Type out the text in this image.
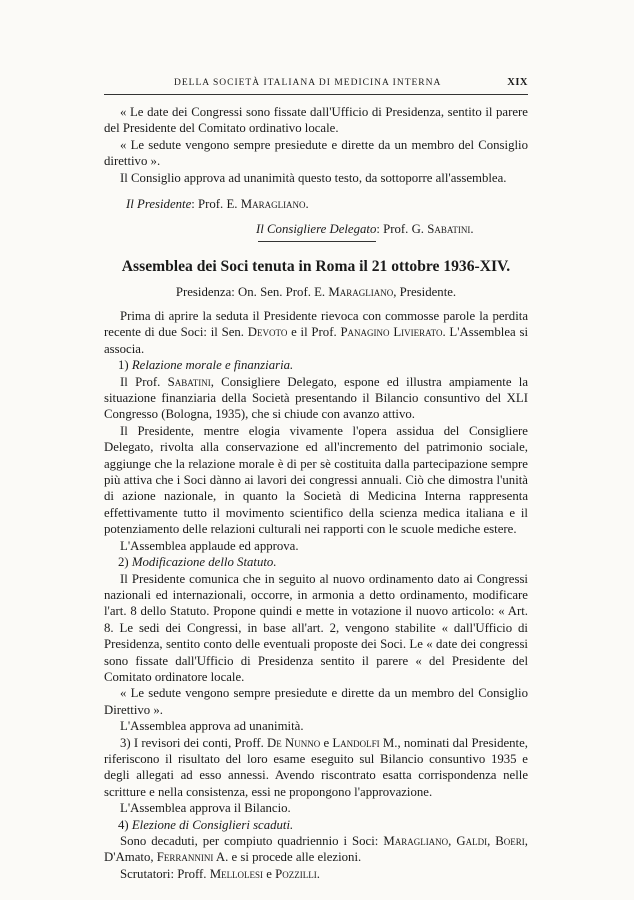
DELLA SOCIETÀ ITALIANA DI MEDICINA INTERNA	XIX

« Le date dei Congressi sono fissate dall'Ufficio di Presidenza, sentito il parere del Presidente del Comitato ordinativo locale.

« Le sedute vengono sempre presiedute e dirette da un membro del Consiglio direttivo ».

Il Consiglio approva ad unanimità questo testo, da sottoporre all'assemblea.

Il Presidente: Prof. E. Maragliano.

Il Consigliere Delegato: Prof. G. Sabatini.

Assemblea dei Soci tenuta in Roma il 21 ottobre 1936-XIV.
Presidenza: On. Sen. Prof. E. Maragliano, Presidente.

Prima di aprire la seduta il Presidente rievoca con commosse parole la perdita recente di due Soci: il Sen. Devoto e il Prof. Panagino Livierato. L'Assemblea si associa.

1) Relazione morale e finanziaria.

Il Prof. Sabatini, Consigliere Delegato, espone ed illustra ampiamente la situazione finanziaria della Società presentando il Bilancio consuntivo del XLI Congresso (Bologna, 1935), che si chiude con avanzo attivo.

Il Presidente, mentre elogia vivamente l'opera assidua del Consigliere Delegato, rivolta alla conservazione ed all'incremento del patrimonio sociale, aggiunge che la relazione morale è di per sè costituita dalla partecipazione sempre più attiva che i Soci dànno ai lavori dei congressi annuali. Ciò che dimostra l'unità di azione nazionale, in quanto la Società di Medicina Interna rappresenta effettivamente tutto il movimento scientifico della scienza medica italiana e il potenziamento delle relazioni culturali nei rapporti con le scuole mediche estere.

L'Assemblea applaude ed approva.

2) Modificazione dello Statuto.

Il Presidente comunica che in seguito al nuovo ordinamento dato ai Congressi nazionali ed internazionali, occorre, in armonia a detto ordinamento, modificare l'art. 8 dello Statuto. Propone quindi e mette in votazione il nuovo articolo: « Art. 8. Le sedi dei Congressi, in base all'art. 2, vengono stabilite « dall'Ufficio di Presidenza, sentito conto delle eventuali proposte dei Soci. Le « date dei congressi sono fissate dall'Ufficio di Presidenza sentito il parere « del Presidente del Comitato ordinatore locale.

« Le sedute vengono sempre presiedute e dirette da un membro del Consiglio Direttivo ».

L'Assemblea approva ad unanimità.

3) I revisori dei conti, Proff. De Nunno e Landolfi M., nominati dal Presidente, riferiscono il risultato del loro esame eseguito sul Bilancio consuntivo 1935 e degli allegati ad esso annessi. Avendo riscontrato esatta corrispondenza nelle scritture e nella consistenza, essi ne propongono l'approvazione.

L'Assemblea approva il Bilancio.

4) Elezione di Consiglieri scaduti.

Sono decaduti, per compiuto quadriennio i Soci: Maragliano, Galdi, Boeri, D'Amato, Ferrannini A. e si procede alle elezioni.

Scrutatori: Proff. Mellolesi e Pozzilli.
